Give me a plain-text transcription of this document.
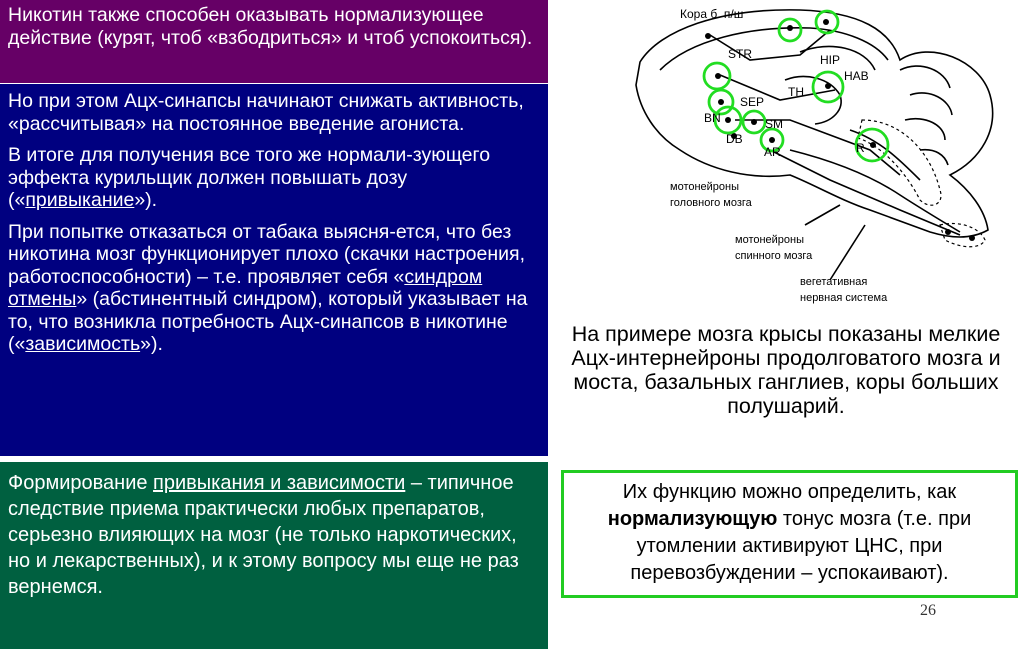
Никотин также способен оказывать нормализующее действие (курят, чтоб «взбодриться» и чтоб успокоиться).

Но при этом Ацх-синапсы начинают снижать активность, «рассчитывая» на постоянное введение агониста.

В итоге для получения все того же нормали-зующего эффекта курильщик должен повышать дозу («привыкание»).

При попытке отказаться от табака выясня-ется, что без никотина мозг функционирует плохо (скачки настроения, работоспособности) – т.е. проявляет себя «синдром отмены» (абстинентный синдром), который указывает на то, что возникла потребность Ацх-синапсов в никотине («зависимость»).

Формирование привыкания и зависимости – типичное следствие приема практически любых препаратов, серьезно влияющих на мозг (не только наркотических, но и лекарственных), и к этому вопросу мы еще не раз вернемся.
Кора б. п/ш
STR	HIP
HAB
TH
SEP
BN	SM
DB
AR	R
мотонейроны головного мозга
мотонейроны спинного мозга
вегетативная нервная система
На примере мозга крысы показаны мелкие Ацх-интернейроны продолговатого мозга и моста, базальных ганглиев, коры больших полушарий.
Их функцию можно определить, как нормализующую тонус мозга (т.е. при утомлении активируют ЦНС, при перевозбуждении – успокаивают).
26
